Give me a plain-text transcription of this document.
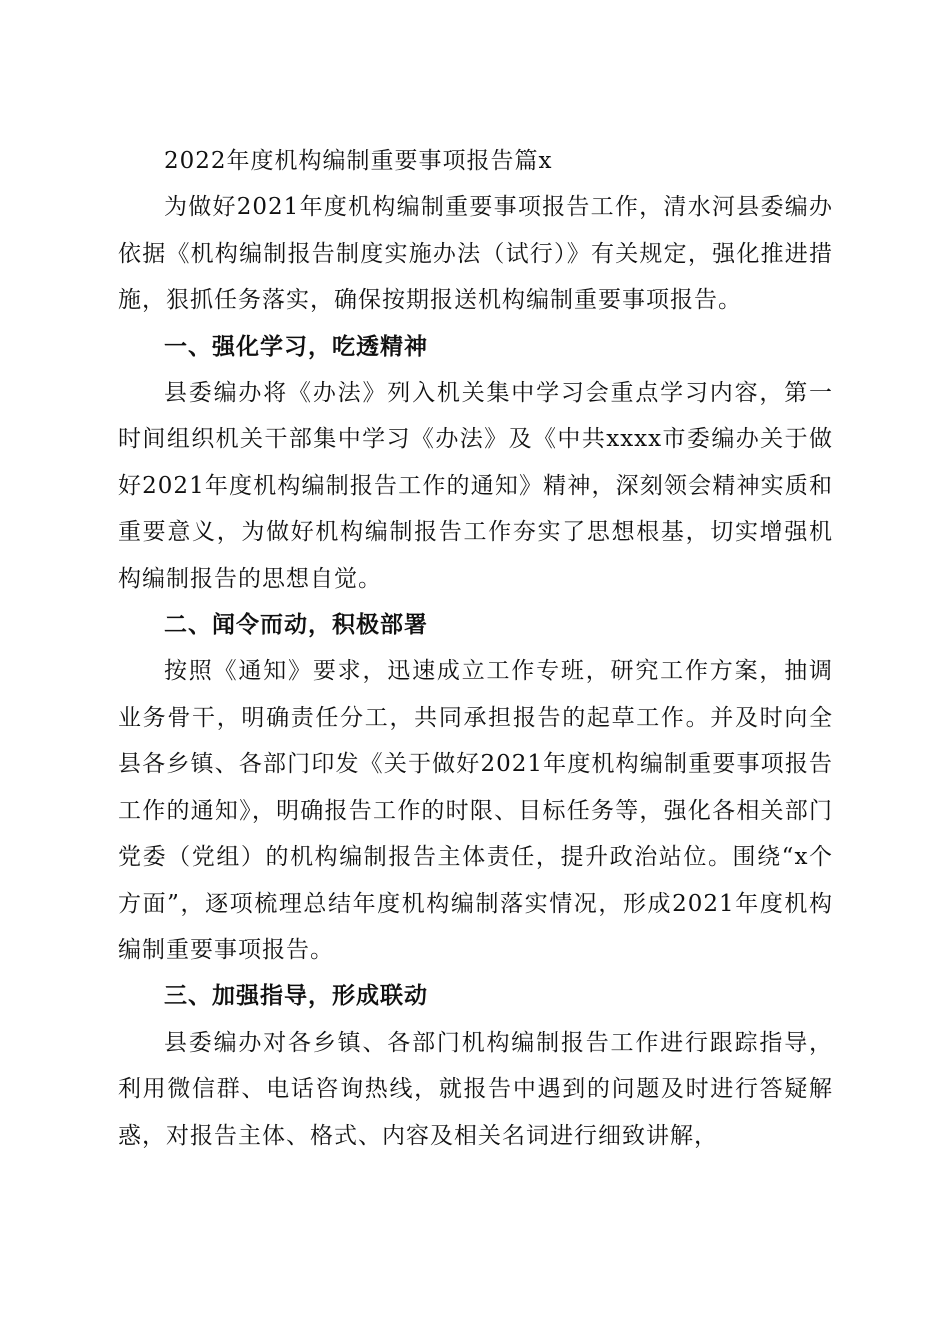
2022年度机构编制重要事项报告篇x

为做好2021年度机构编制重要事项报告工作，清水河县委编办依据《机构编制报告制度实施办法（试行）》有关规定，强化推进措施，狠抓任务落实，确保按期报送机构编制重要事项报告。

一、强化学习，吃透精神

县委编办将《办法》列入机关集中学习会重点学习内容，第一时间组织机关干部集中学习《办法》及《中共xxxx市委编办关于做好2021年度机构编制报告工作的通知》精神，深刻领会精神实质和重要意义，为做好机构编制报告工作夯实了思想根基，切实增强机构编制报告的思想自觉。

二、闻令而动，积极部署

按照《通知》要求，迅速成立工作专班，研究工作方案，抽调业务骨干，明确责任分工，共同承担报告的起草工作。并及时向全县各乡镇、各部门印发《关于做好2021年度机构编制重要事项报告工作的通知》，明确报告工作的时限、目标任务等，强化各相关部门党委（党组）的机构编制报告主体责任，提升政治站位。围绕“x个方面”，逐项梳理总结年度机构编制落实情况，形成2021年度机构编制重要事项报告。

三、加强指导，形成联动

县委编办对各乡镇、各部门机构编制报告工作进行跟踪指导，利用微信群、电话咨询热线，就报告中遇到的问题及时进行答疑解惑，对报告主体、格式、内容及相关名词进行细致讲解，
